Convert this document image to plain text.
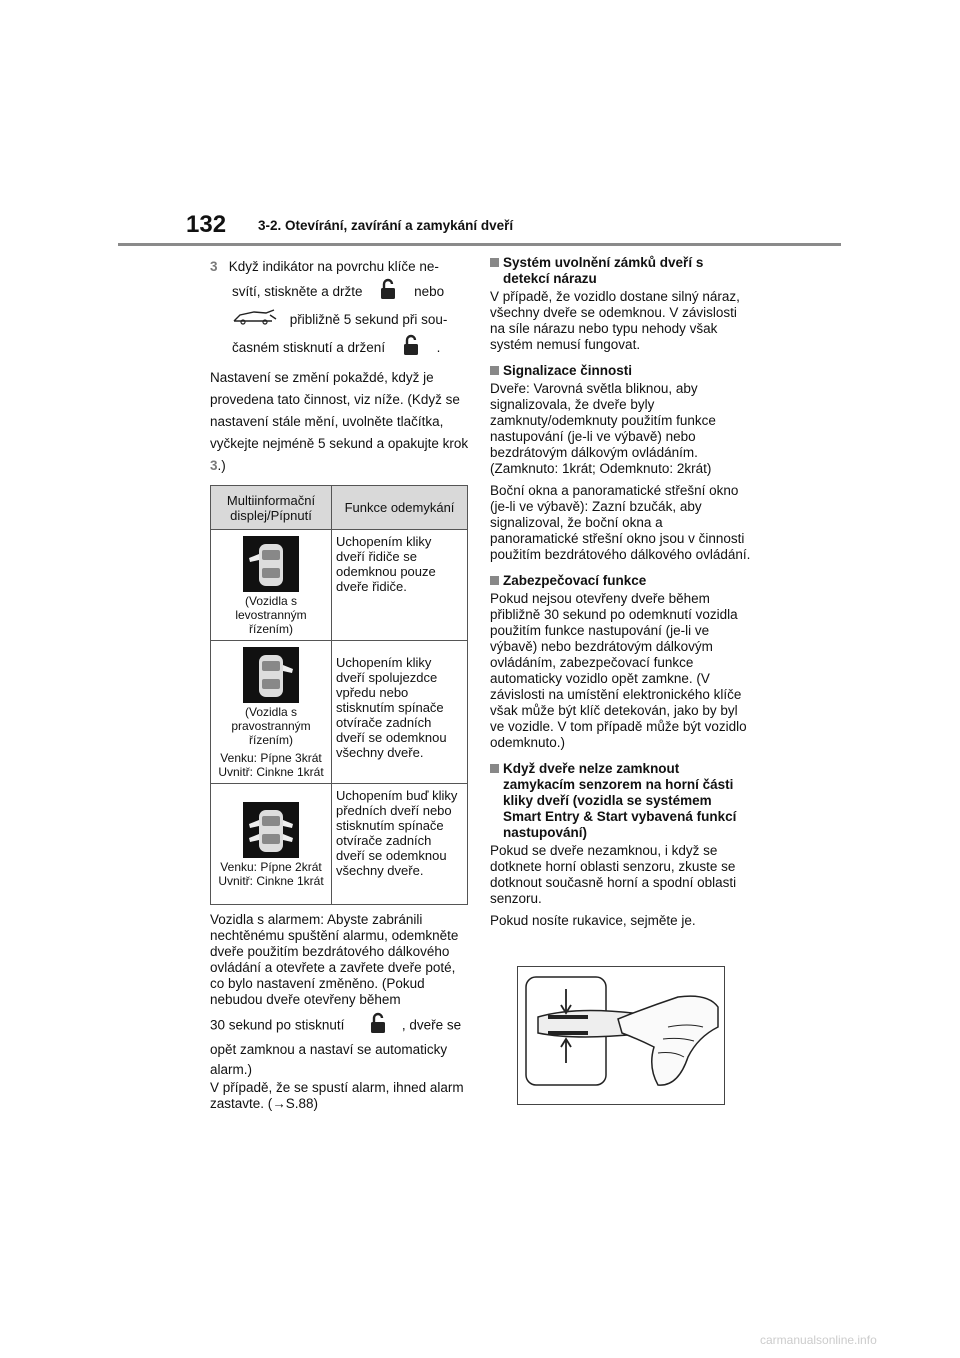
132 3-2. Otevírání, zavírání a zamykání dveří
3 Když indikátor na povrchu klíče ne-
svítí, stiskněte a držte	nebo
přibližně 5 sekund při sou-
časném stisknutí a držení	.

Nastavení se změní pokaždé, když je provedena tato činnost, viz níže. (Když se nastavení stále mění, uvolněte tlačítka, vyčkejte nejméně 5 sekund a opakujte krok 3.)

Multiinformační displej/Pípnutí	Funkce odemykání

(Vozidla s levostranným řízením)	Uchopením kliky dveří řidiče se odemknou pouze dveře řidiče.

(Vozidla s pravostranným řízením)

Venku: Pípne 3krát Uvnitř: Cinkne 1krát	Uchopením kliky dveří spolujezdce vpředu nebo stisknutím spínače otvírače zadních dveří se odemknou všechny dveře.

Venku: Pípne 2krát Uvnitř: Cinkne 1krát	Uchopením buď kliky předních dveří nebo stisknutím spínače otvírače zadních dveří se odemknou všechny dveře.

Vozidla s alarmem: Abyste zabránili nechtěnému spuštění alarmu, odemkněte dveře použitím bezdrátového dálkového ovládání a otevřete a zavřete dveře poté, co bylo nastavení změněno. (Pokud nebudou dveře otevřeny během

30 sekund po stisknutí	, dveře se opět zamknou a nastaví se automaticky alarm.)

V případě, že se spustí alarm, ihned alarm zastavte. (→S.88)

Systém uvolnění zámků dveří s detekcí nárazu

V případě, že vozidlo dostane silný náraz, všechny dveře se odemknou. V závislosti na síle nárazu nebo typu nehody však systém nemusí fungovat.

Signalizace činnosti

Dveře: Varovná světla bliknou, aby signalizovala, že dveře byly zamknuty/odemknuty použitím funkce nastupování (je-li ve výbavě) nebo bezdrátovým dálkovým ovládáním.

(Zamknuto: 1krát; Odemknuto: 2krát)

Boční okna a panoramatické střešní okno (je-li ve výbavě): Zazní bzučák, aby signalizoval, že boční okna a panoramatické střešní okno jsou v činnosti použitím bezdrátového dálkového ovládání.

Zabezpečovací funkce

Pokud nejsou otevřeny dveře během přibližně 30 sekund po odemknutí vozidla použitím funkce nastupování (je-li ve výbavě) nebo bezdrátovým dálkovým ovládáním, zabezpečovací funkce automaticky vozidlo opět zamkne. (V závislosti na umístění elektronického klíče však může být klíč detekován, jako by byl ve vozidle. V tom případě může být vozidlo odemknuto.)

Když dveře nelze zamknout zamykacím senzorem na horní části kliky dveří (vozidla se systémem Smart Entry & Start vybavená funkcí nastupování)

Pokud se dveře nezamknou, i když se dotknete horní oblasti senzoru, zkuste se dotknout současně horní a spodní oblasti senzoru.

Pokud nosíte rukavice, sejměte je.

carmanualsonline.info
